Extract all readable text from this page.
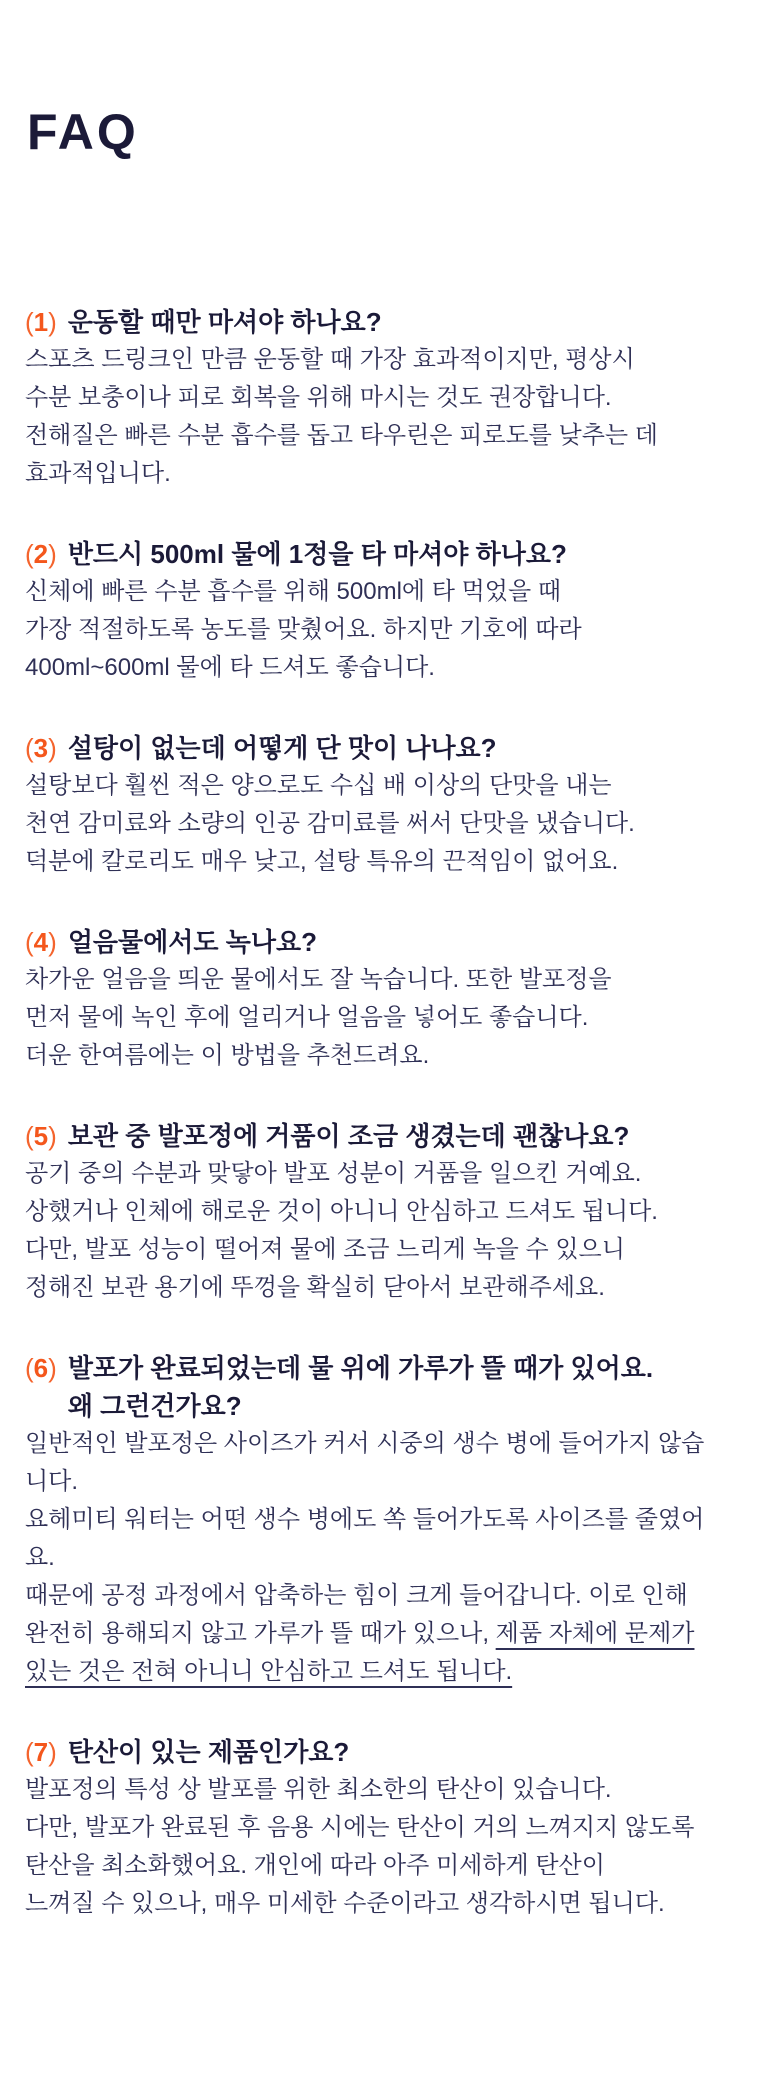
FAQ
(1) 운동할 때만 마셔야 하나요?
스포츠 드링크인 만큼 운동할 때 가장 효과적이지만, 평상시
수분 보충이나 피로 회복을 위해 마시는 것도 권장합니다.
전해질은 빠른 수분 흡수를 돕고 타우린은 피로도를 낮추는 데
효과적입니다.
(2) 반드시 500ml 물에 1정을 타 마셔야 하나요?
신체에 빠른 수분 흡수를 위해 500ml에 타 먹었을 때
가장 적절하도록 농도를 맞췄어요. 하지만 기호에 따라
400ml~600ml 물에 타 드셔도 좋습니다.
(3) 설탕이 없는데 어떻게 단 맛이 나나요?
설탕보다 훨씬 적은 양으로도 수십 배 이상의 단맛을 내는
천연 감미료와 소량의 인공 감미료를 써서 단맛을 냈습니다.
덕분에 칼로리도 매우 낮고, 설탕 특유의 끈적임이 없어요.
(4) 얼음물에서도 녹나요?
차가운 얼음을 띄운 물에서도 잘 녹습니다. 또한 발포정을
먼저 물에 녹인 후에 얼리거나 얼음을 넣어도 좋습니다.
더운 한여름에는 이 방법을 추천드려요.
(5) 보관 중 발포정에 거품이 조금 생겼는데 괜찮나요?
공기 중의 수분과 맞닿아 발포 성분이 거품을 일으킨 거예요.
상했거나 인체에 해로운 것이 아니니 안심하고 드셔도 됩니다.
다만, 발포 성능이 떨어져 물에 조금 느리게 녹을 수 있으니
정해진 보관 용기에 뚜껑을 확실히 닫아서 보관해주세요.
(6) 발포가 완료되었는데 물 위에 가루가 뜰 때가 있어요.
왜 그런건가요?
일반적인 발포정은 사이즈가 커서 시중의 생수 병에 들어가지 않습니다.
요헤미티 워터는 어떤 생수 병에도 쏙 들어가도록 사이즈를 줄였어요.
때문에 공정 과정에서 압축하는 힘이 크게 들어갑니다. 이로 인해
완전히 용해되지 않고 가루가 뜰 때가 있으나, 제품 자체에 문제가
있는 것은 전혀 아니니 안심하고 드셔도 됩니다.
(7) 탄산이 있는 제품인가요?
발포정의 특성 상 발포를 위한 최소한의 탄산이 있습니다.
다만, 발포가 완료된 후 음용 시에는 탄산이 거의 느껴지지 않도록
탄산을 최소화했어요. 개인에 따라 아주 미세하게 탄산이
느껴질 수 있으나, 매우 미세한 수준이라고 생각하시면 됩니다.
